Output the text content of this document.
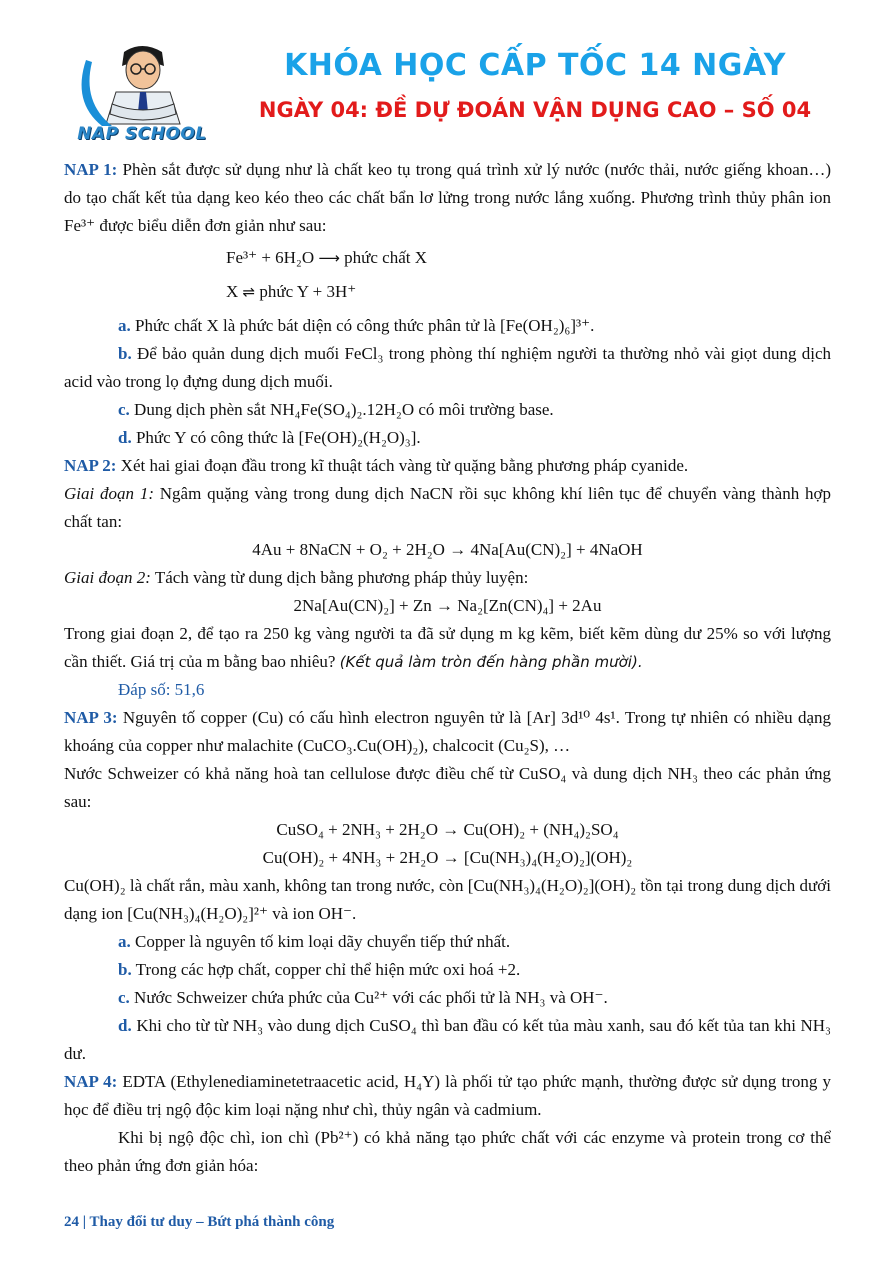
NAP SCHOOL
KHÓA HỌC CẤP TỐC 14 NGÀY
NGÀY 04: ĐỀ DỰ ĐOÁN VẬN DỤNG CAO – SỐ 04

NAP 1: Phèn sắt được sử dụng như là chất keo tụ trong quá trình xử lý nước (nước thải, nước giếng khoan…) do tạo chất kết tủa dạng keo kéo theo các chất bẩn lơ lửng trong nước lắng xuống. Phương trình thủy phân ion Fe³⁺ được biểu diễn đơn giản như sau:

Fe³⁺ + 6H₂O ⟶ phức chất X

X ⇌ phức Y + 3H⁺

a. Phức chất X là phức bát diện có công thức phân tử là [Fe(OH₂)₆]³⁺.

b. Để bảo quản dung dịch muối FeCl₃ trong phòng thí nghiệm người ta thường nhỏ vài giọt dung dịch acid vào trong lọ đựng dung dịch muối.

c. Dung dịch phèn sắt NH₄Fe(SO₄)₂.12H₂O có môi trường base.

d. Phức Y có công thức là [Fe(OH)₂(H₂O)₃].

NAP 2: Xét hai giai đoạn đầu trong kĩ thuật tách vàng từ quặng bằng phương pháp cyanide.

Giai đoạn 1: Ngâm quặng vàng trong dung dịch NaCN rồi sục không khí liên tục để chuyển vàng thành hợp chất tan:

4Au + 8NaCN + O₂ + 2H₂O → 4Na[Au(CN)₂] + 4NaOH

Giai đoạn 2: Tách vàng từ dung dịch bằng phương pháp thủy luyện:

2Na[Au(CN)₂] + Zn → Na₂[Zn(CN)₄] + 2Au

Trong giai đoạn 2, để tạo ra 250 kg vàng người ta đã sử dụng m kg kẽm, biết kẽm dùng dư 25% so với lượng cần thiết. Giá trị của m bằng bao nhiêu? (Kết quả làm tròn đến hàng phần mười).

Đáp số: 51,6

NAP 3: Nguyên tố copper (Cu) có cấu hình electron nguyên tử là [Ar] 3d¹⁰ 4s¹. Trong tự nhiên có nhiều dạng khoáng của copper như malachite (CuCO₃.Cu(OH)₂), chalcocit (Cu₂S), …

Nước Schweizer có khả năng hoà tan cellulose được điều chế từ CuSO₄ và dung dịch NH₃ theo các phản ứng sau:

CuSO₄ + 2NH₃ + 2H₂O → Cu(OH)₂ + (NH₄)₂SO₄

Cu(OH)₂ + 4NH₃ + 2H₂O → [Cu(NH₃)₄(H₂O)₂](OH)₂

Cu(OH)₂ là chất rắn, màu xanh, không tan trong nước, còn [Cu(NH₃)₄(H₂O)₂](OH)₂ tồn tại trong dung dịch dưới dạng ion [Cu(NH₃)₄(H₂O)₂]²⁺ và ion OH⁻.

a. Copper là nguyên tố kim loại dãy chuyển tiếp thứ nhất.

b. Trong các hợp chất, copper chỉ thể hiện mức oxi hoá +2.

c. Nước Schweizer chứa phức của Cu²⁺ với các phối tử là NH₃ và OH⁻.

d. Khi cho từ từ NH₃ vào dung dịch CuSO₄ thì ban đầu có kết tủa màu xanh, sau đó kết tủa tan khi NH₃ dư.

NAP 4: EDTA (Ethylenediaminetetraacetic acid, H₄Y) là phối tử tạo phức mạnh, thường được sử dụng trong y học để điều trị ngộ độc kim loại nặng như chì, thủy ngân và cadmium.

Khi bị ngộ độc chì, ion chì (Pb²⁺) có khả năng tạo phức chất với các enzyme và protein trong cơ thể theo phản ứng đơn giản hóa:

24 | Thay đổi tư duy – Bứt phá thành công
